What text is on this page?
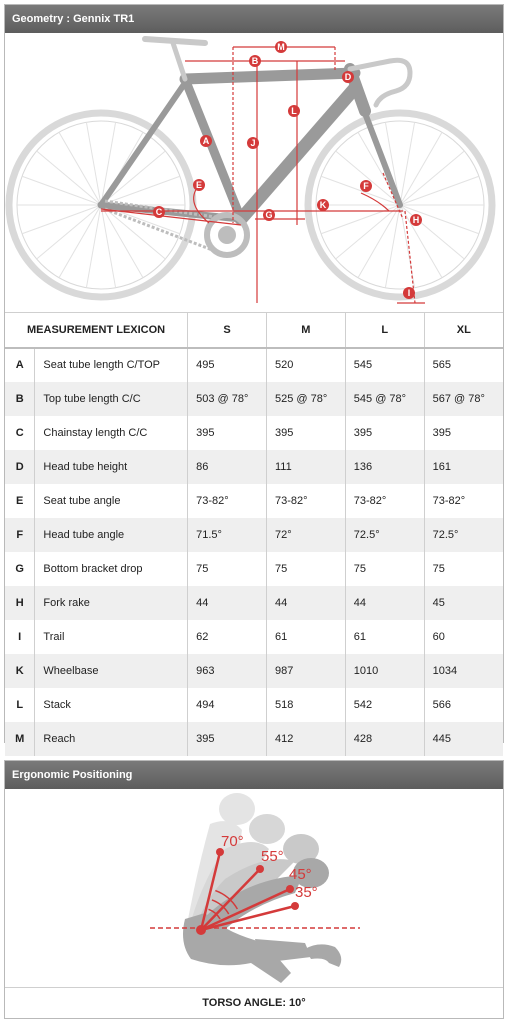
Geometry : Gennix TR1
M
B
D
L
J
A
E	F
C	G
K
H
I
MEASUREMENT LEXICON		S	M	L	XL
A	Seat tube length C/TOP	495	520	545	565
B	Top tube length C/C	503 @ 78°	525 @ 78°	545 @ 78°	567 @ 78°
C	Chainstay length C/C	395	395	395	395
D	Head tube height	86	111	136	161
E	Seat tube angle	73-82°	73-82°	73-82°	73-82°
F	Head tube angle	71.5°	72°	72.5°	72.5°
G	Bottom bracket drop	75	75	75	75
H	Fork rake	44	44	44	45
I	Trail	62	61	61	60
K	Wheelbase	963	987	1010	1034
L	Stack	494	518	542	566
M	Reach	395	412	428	445
Ergonomic Positioning
70°
55°
45°
35°
TORSO ANGLE: 10°
